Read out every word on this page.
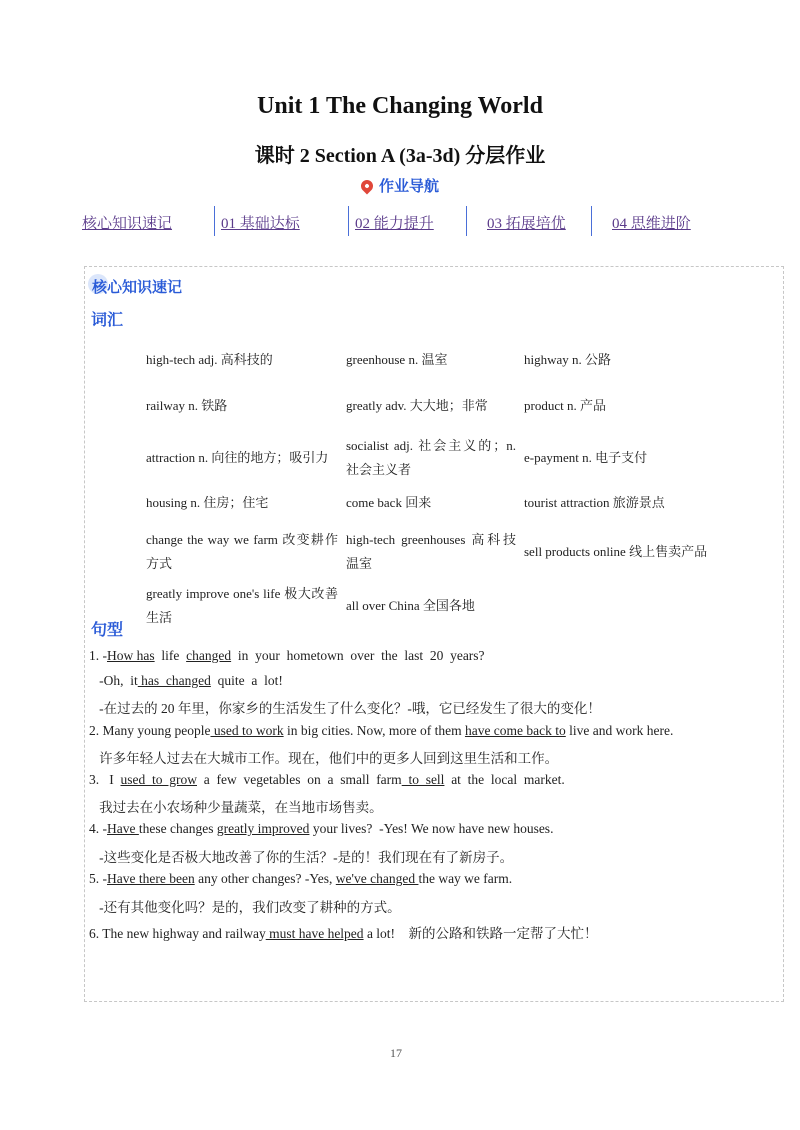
Unit 1 The Changing World
课时 2 Section A (3a-3d) 分层作业
作业导航
核心知识速记	01 基础达标	02 能力提升	03 拓展培优	04 思维进阶
核心知识速记
词汇
high-tech adj. 高科技的	greenhouse n. 温室	highway n. 公路
railway n. 铁路	greatly adv. 大大地；非常	product n. 产品
attraction n. 向往的地方；吸引力	socialist adj. 社会主义的；n. 社会主义者	e-payment n. 电子支付
housing n. 住房；住宅	come back 回来	tourist attraction 旅游景点
change the way we farm 改变耕作方式	high-tech greenhouses 高科技温室	sell products online 线上售卖产品
greatly improve one's life 极大改善生活	all over China 全国各地	
句型
1. -How has  life  changed  in  your  hometown  over  the  last  20  years?
-Oh,  it has  changed  quite  a  lot!
-在过去的 20 年里，你家乡的生活发生了什么变化？-哦，它已经发生了很大的变化！
2. Many young people used to work in big cities. Now, more of them have come back to live and work here.
许多年轻人过去在大城市工作。现在，他们中的更多人回到这里生活和工作。
3.   I  used  to  grow  a  few  vegetables  on  a  small  farm  to  sell  at  the  local  market.
我过去在小农场种少量蔬菜，在当地市场售卖。
4. -Have these changes greatly improved your lives?  -Yes! We now have new houses.
-这些变化是否极大地改善了你的生活？-是的！我们现在有了新房子。
5. -Have there been any other changes? -Yes, we've changed the way we farm.
-还有其他变化吗？是的，我们改变了耕种的方式。
6. The new highway and railway must have helped a lot!    新的公路和铁路一定帮了大忙！
17
